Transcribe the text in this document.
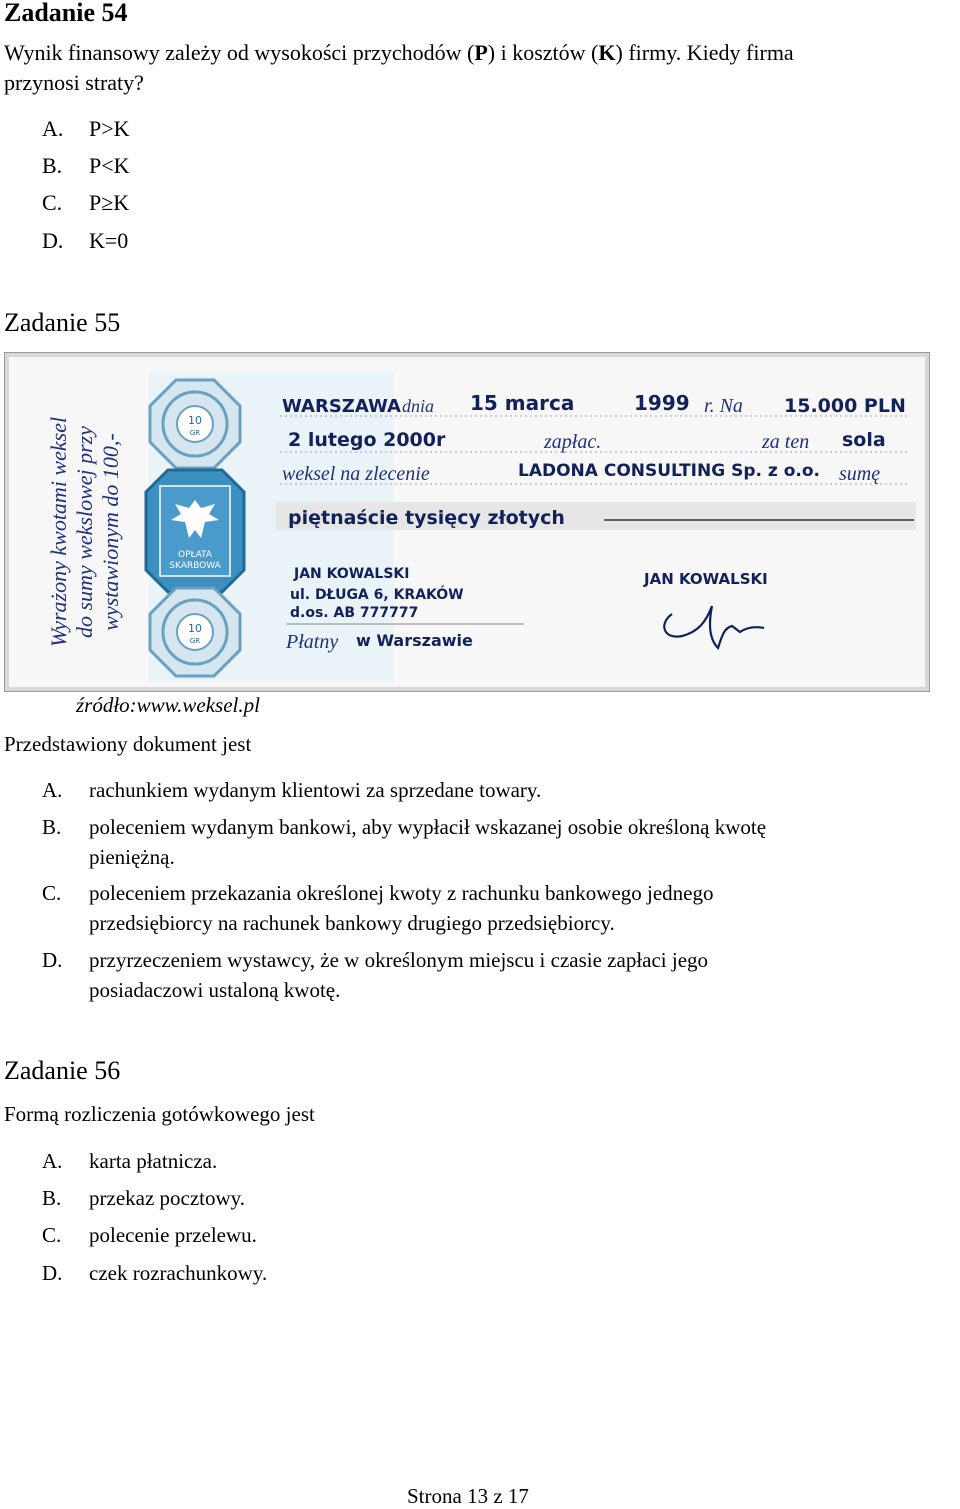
Zadanie 54
Wynik finansowy zależy od wysokości przychodów (P) i kosztów (K) firmy. Kiedy firma
przynosi straty?
A. P>K
B. P<K
C. P≥K
D. K=0
Zadanie 55
Wyrażony kwotami weksel do sumy wekslowej przy wystawionym do 100,-
10
GR
OPŁATA
SKARBOWA
10
GR
WARSZAWA dnia 15 marca	1999 r. Na 15.000 PLN
2 lutego 2000r	zapłac.	za ten sola
weksel na zlecenie	LADONA CONSULTING Sp. z o.o. sumę
piętnaście tysięcy złotych
JAN KOWALSKI
ul. DŁUGA 6, KRAKÓW
d.os. AB 777777
Płatny w Warszawie
JAN KOWALSKI
źródło:www.weksel.pl
Przedstawiony dokument jest
A. rachunkiem wydanym klientowi za sprzedane towary.
B. poleceniem wydanym bankowi, aby wypłacił wskazanej osobie określoną kwotę
pieniężną.
C. poleceniem przekazania określonej kwoty z rachunku bankowego jednego
przedsiębiorcy na rachunek bankowy drugiego przedsiębiorcy.
D. przyrzeczeniem wystawcy, że w określonym miejscu i czasie zapłaci jego
posiadaczowi ustaloną kwotę.
Zadanie 56
Formą rozliczenia gotówkowego jest
A. karta płatnicza.
B. przekaz pocztowy.
C. polecenie przelewu.
D. czek rozrachunkowy.
Strona 13 z 17
